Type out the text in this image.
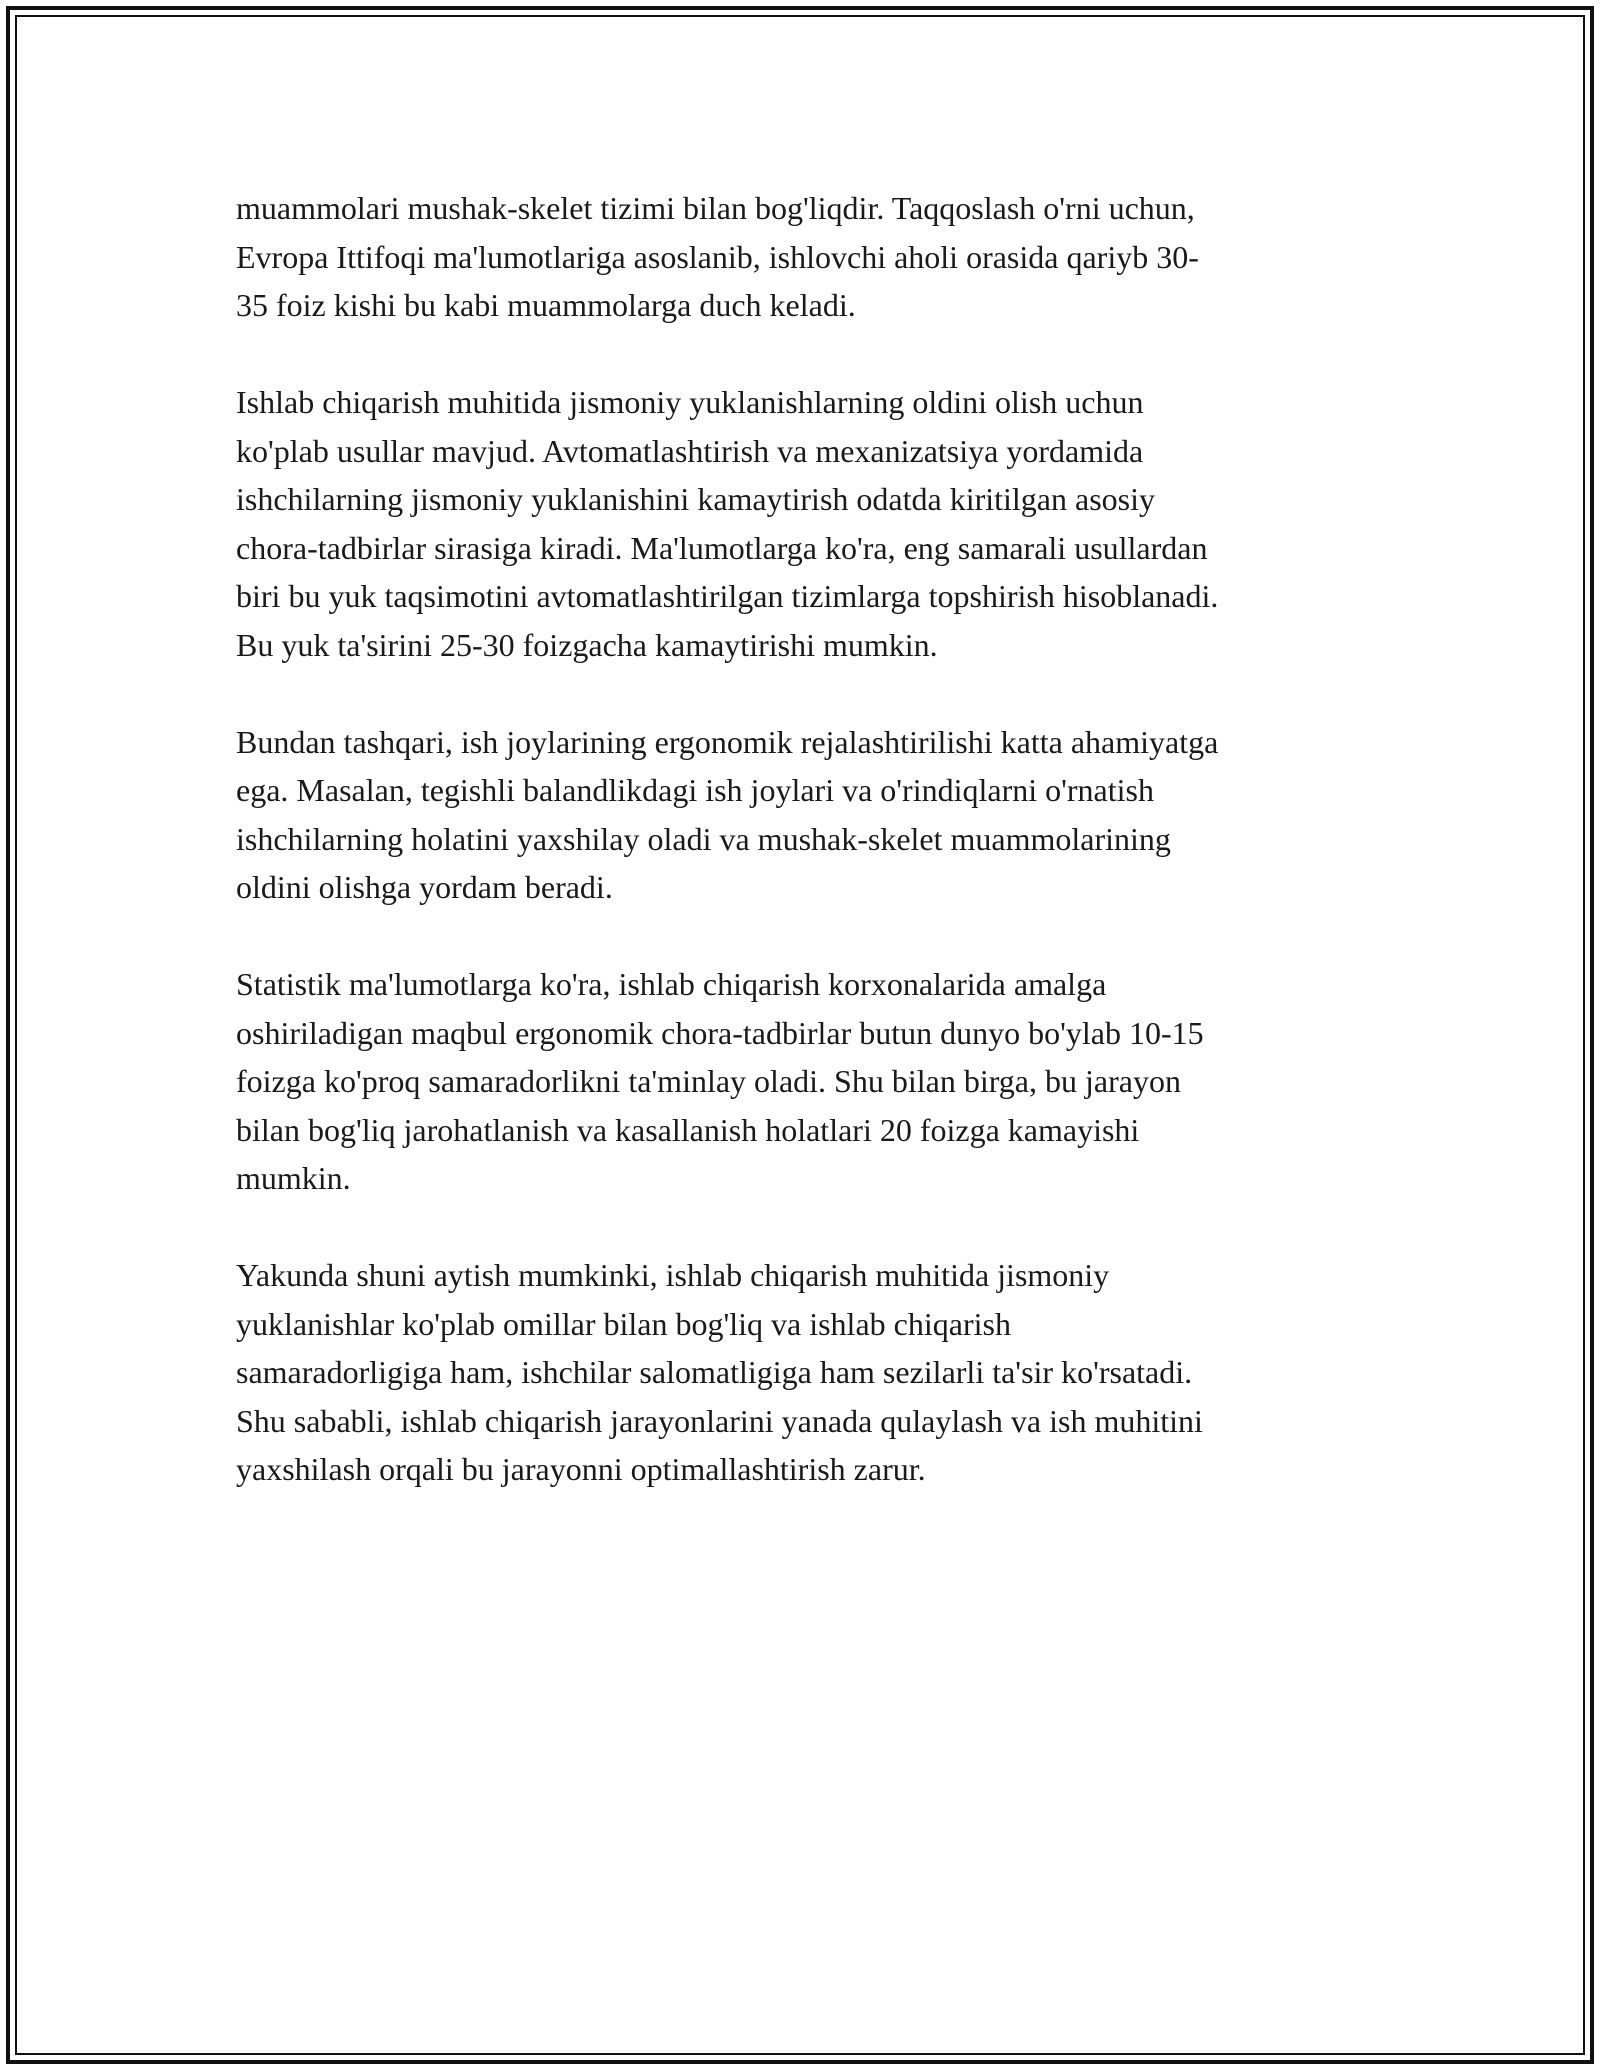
muammolari mushak-skelet tizimi bilan bog'liqdir. Taqqoslash o'rni uchun,
Evropa Ittifoqi ma'lumotlariga asoslanib, ishlovchi aholi orasida qariyb 30-
35 foiz kishi bu kabi muammolarga duch keladi.

Ishlab chiqarish muhitida jismoniy yuklanishlarning oldini olish uchun
ko'plab usullar mavjud. Avtomatlashtirish va mexanizatsiya yordamida
ishchilarning jismoniy yuklanishini kamaytirish odatda kiritilgan asosiy
chora-tadbirlar sirasiga kiradi. Ma'lumotlarga ko'ra, eng samarali usullardan
biri bu yuk taqsimotini avtomatlashtirilgan tizimlarga topshirish hisoblanadi.
Bu yuk ta'sirini 25-30 foizgacha kamaytirishi mumkin.

Bundan tashqari, ish joylarining ergonomik rejalashtirilishi katta ahamiyatga
ega. Masalan, tegishli balandlikdagi ish joylari va o'rindiqlarni o'rnatish
ishchilarning holatini yaxshilay oladi va mushak-skelet muammolarining
oldini olishga yordam beradi.

Statistik ma'lumotlarga ko'ra, ishlab chiqarish korxonalarida amalga
oshiriladigan maqbul ergonomik chora-tadbirlar butun dunyo bo'ylab 10-15
foizga ko'proq samaradorlikni ta'minlay oladi. Shu bilan birga, bu jarayon
bilan bog'liq jarohatlanish va kasallanish holatlari 20 foizga kamayishi
mumkin.

Yakunda shuni aytish mumkinki, ishlab chiqarish muhitida jismoniy
yuklanishlar ko'plab omillar bilan bog'liq va ishlab chiqarish
samaradorligiga ham, ishchilar salomatligiga ham sezilarli ta'sir ko'rsatadi.
Shu sababli, ishlab chiqarish jarayonlarini yanada qulaylash va ish muhitini
yaxshilash orqali bu jarayonni optimallashtirish zarur.
